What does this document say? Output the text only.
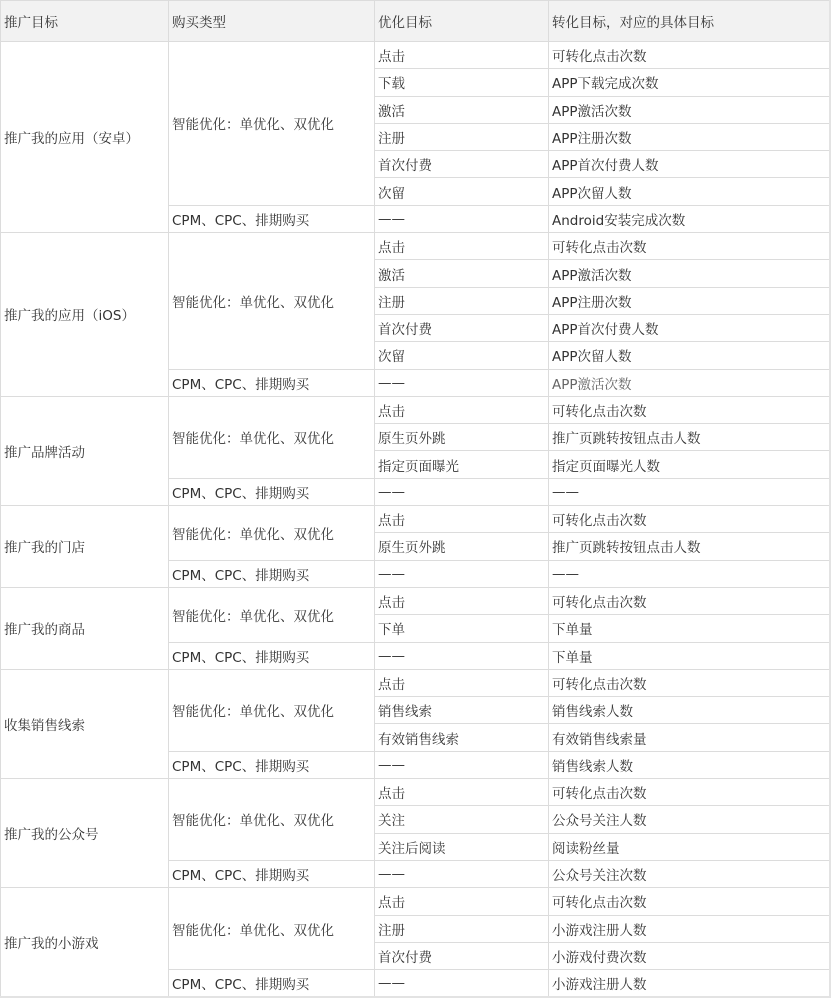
推广目标	购买类型	优化目标	转化目标，对应的具体目标
推广我的应用（安卓）	智能优化：单优化、双优化	点击	可转化点击次数
		下载	APP下载完成次数
		激活	APP激活次数
		注册	APP注册次数
		首次付费	APP首次付费人数
		次留	APP次留人数
	CPM、CPC、排期购买	——	Android安装完成次数
推广我的应用（iOS）	智能优化：单优化、双优化	点击	可转化点击次数
		激活	APP激活次数
		注册	APP注册次数
		首次付费	APP首次付费人数
		次留	APP次留人数
	CPM、CPC、排期购买	——	APP激活次数
推广品牌活动	智能优化：单优化、双优化	点击	可转化点击次数
		原生页外跳	推广页跳转按钮点击人数
		指定页面曝光	指定页面曝光人数
	CPM、CPC、排期购买	——	——
推广我的门店	智能优化：单优化、双优化	点击	可转化点击次数
		原生页外跳	推广页跳转按钮点击人数
	CPM、CPC、排期购买	——	——
推广我的商品	智能优化：单优化、双优化	点击	可转化点击次数
		下单	下单量
	CPM、CPC、排期购买	——	下单量
收集销售线索	智能优化：单优化、双优化	点击	可转化点击次数
		销售线索	销售线索人数
		有效销售线索	有效销售线索量
	CPM、CPC、排期购买	——	销售线索人数
推广我的公众号	智能优化：单优化、双优化	点击	可转化点击次数
		关注	公众号关注人数
		关注后阅读	阅读粉丝量
	CPM、CPC、排期购买	——	公众号关注次数
推广我的小游戏	智能优化：单优化、双优化	点击	可转化点击次数
		注册	小游戏注册人数
		首次付费	小游戏付费次数
	CPM、CPC、排期购买	——	小游戏注册人数
